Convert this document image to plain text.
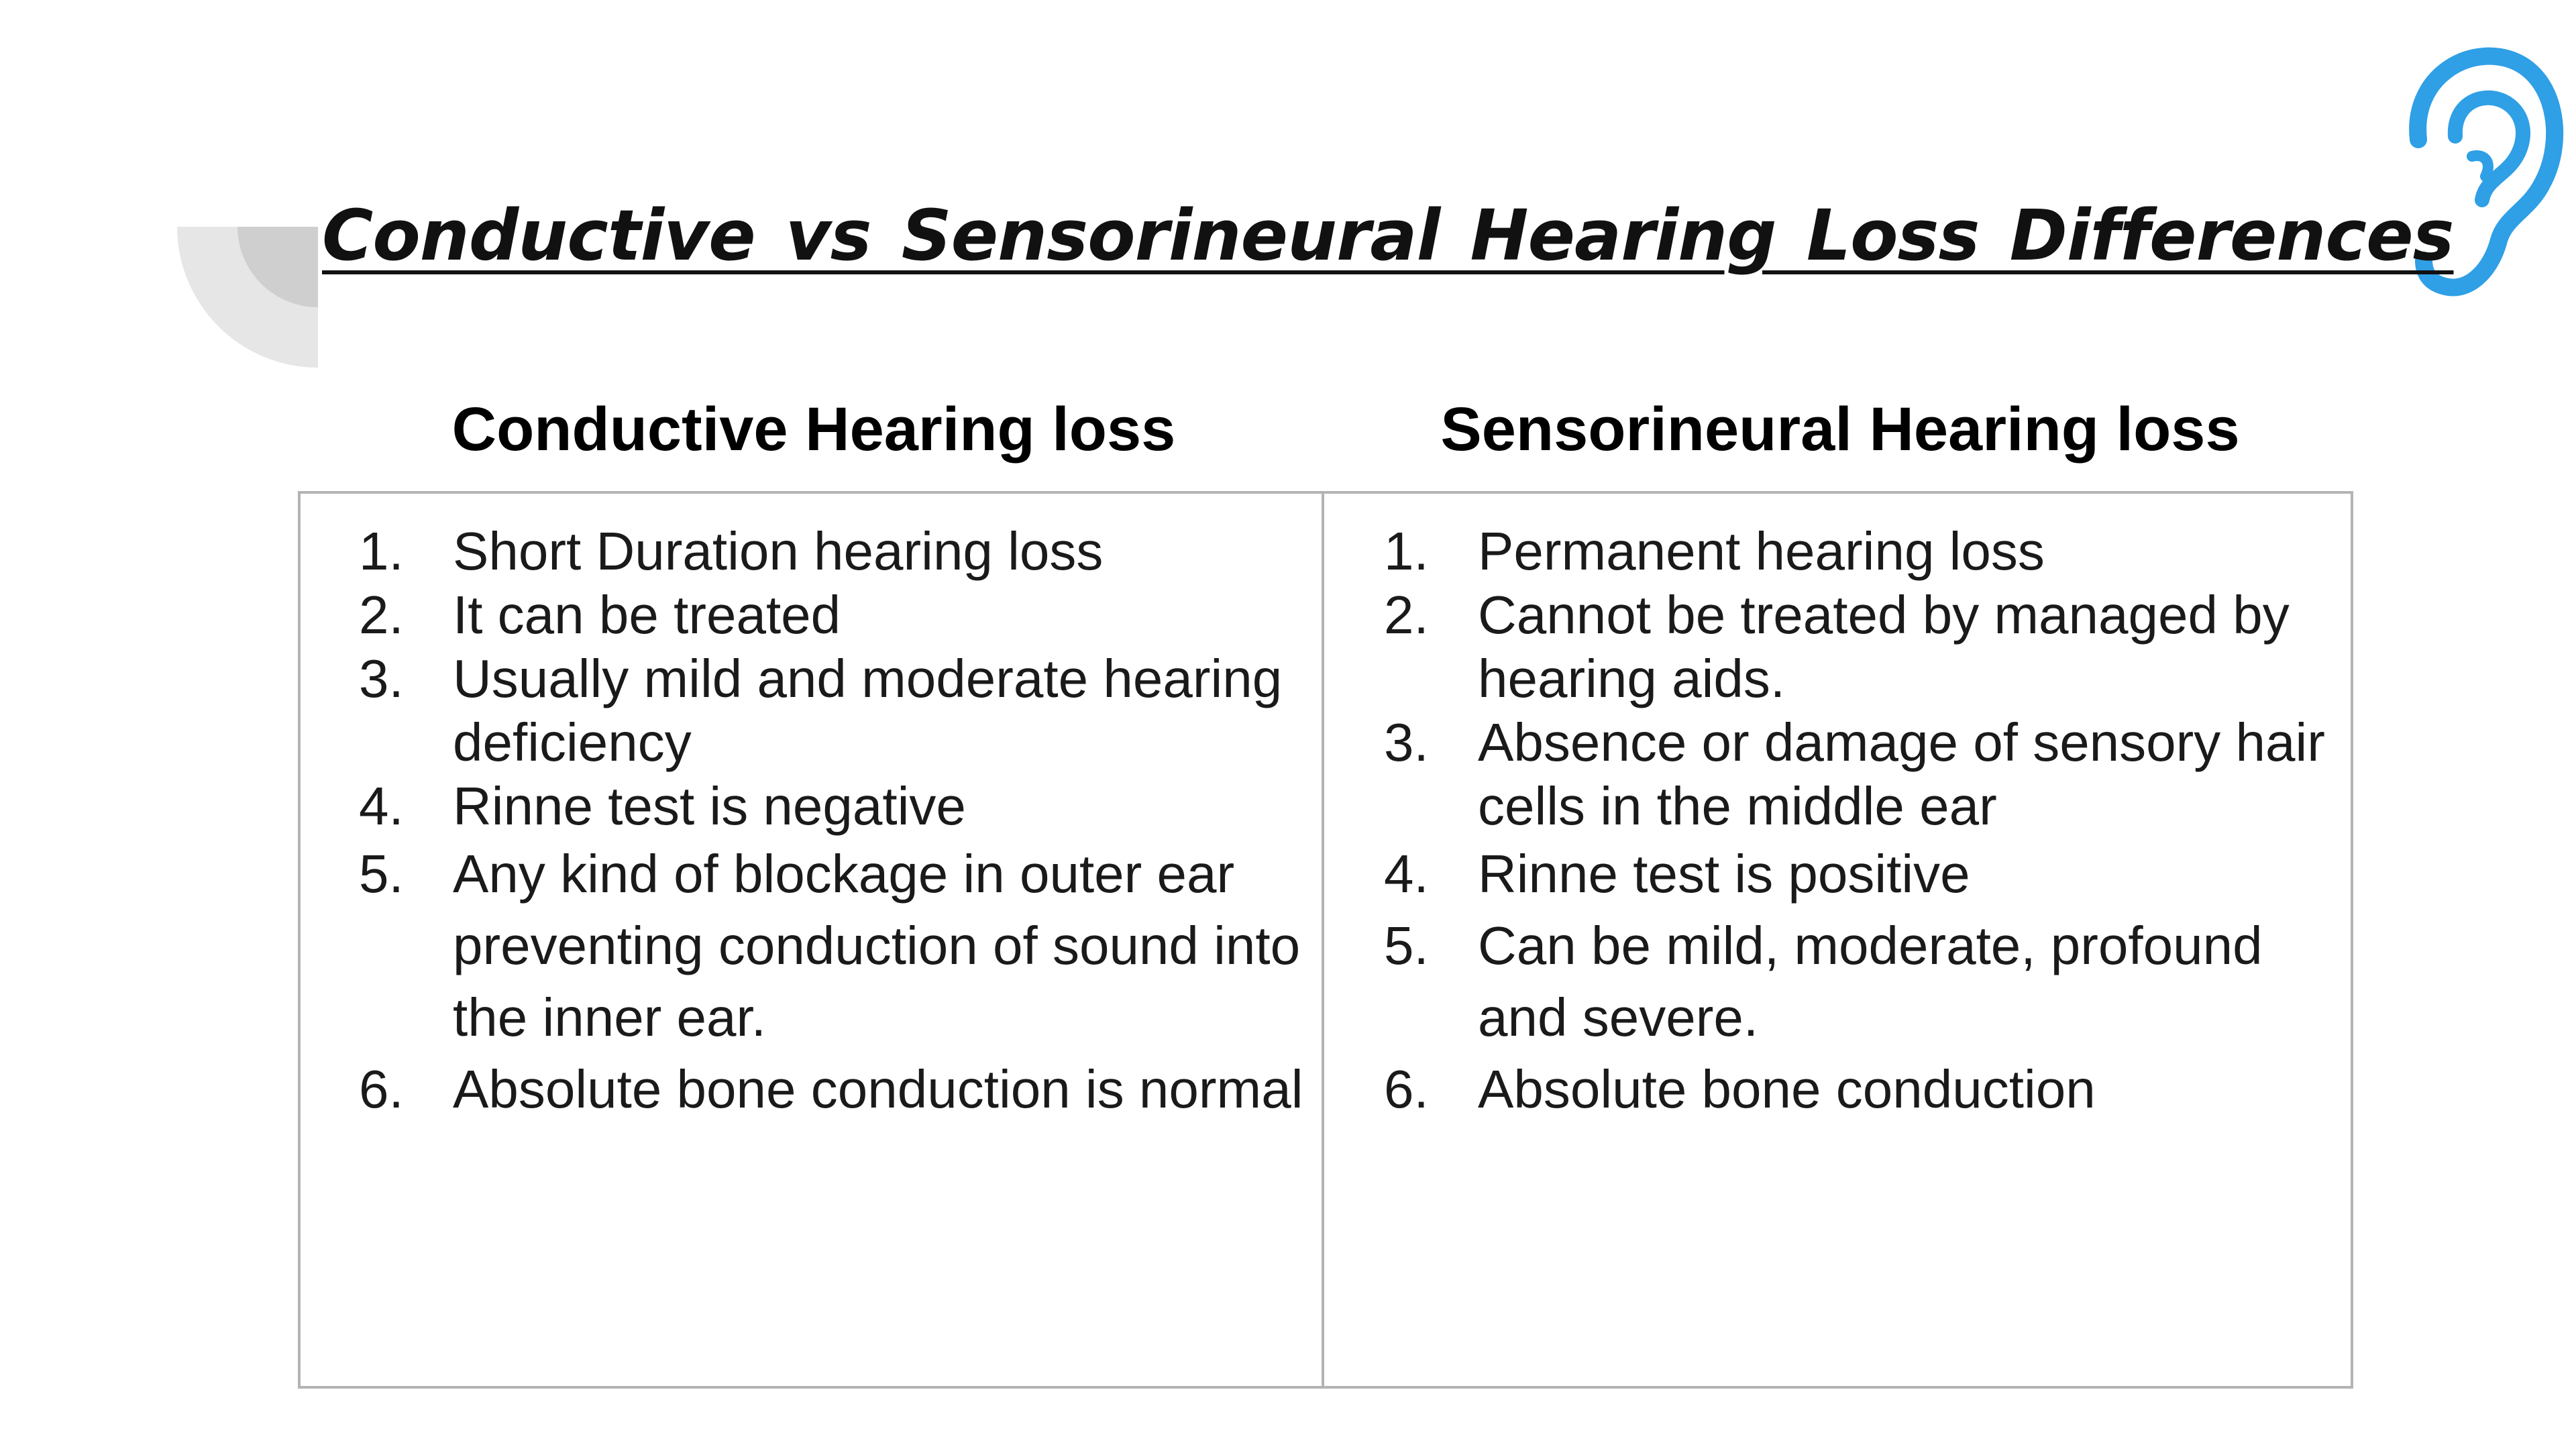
Conductive vs Sensorineural Hearing Loss Differences
Conductive Hearing loss	Sensorineural Hearing loss
1. Short Duration hearing loss
2. It can be treated
3. Usually mild and moderate hearing deficiency
4. Rinne test is negative
5. Any kind of blockage in outer ear preventing conduction of sound into the inner ear.
6. Absolute bone conduction is normal
1. Permanent hearing loss
2. Cannot be treated by managed by hearing aids.
3. Absence or damage of sensory hair cells in the middle ear
4. Rinne test is positive
5. Can be mild, moderate, profound and severe.
6. Absolute bone conduction
